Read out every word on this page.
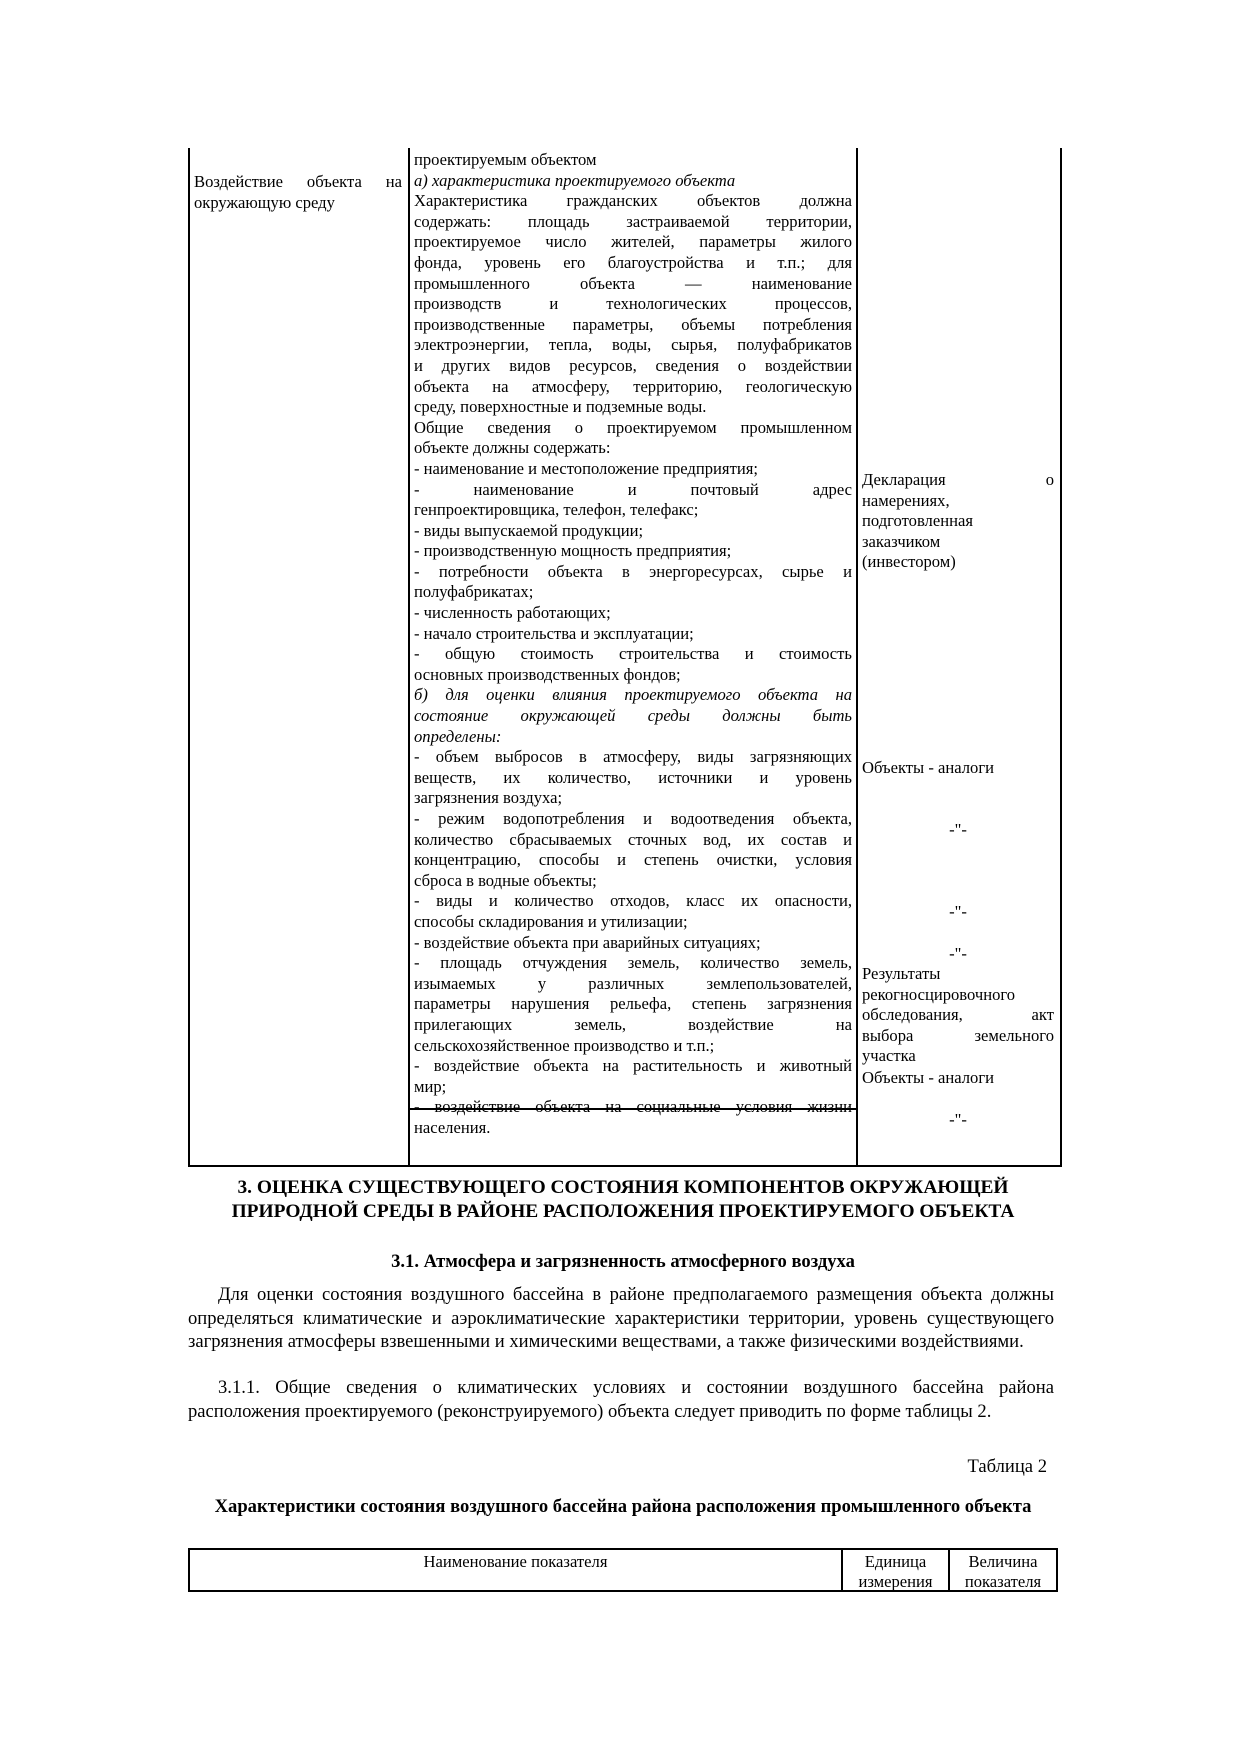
Воздействие объекта на окружающую среду

проектируемым объектом

а) характеристика проектируемого объекта

Характеристика гражданских объектов должна

содержать: площадь застраиваемой территории,

проектируемое число жителей, параметры жилого

фонда, уровень его благоустройства и т.п.; для

промышленного объекта — наименование

производств и технологических процессов,

производственные параметры, объемы потребления

электроэнергии, тепла, воды, сырья, полуфабрикатов

и других видов ресурсов, сведения о воздействии

объекта на атмосферу, территорию, геологическую

среду, поверхностные и подземные воды.

Общие сведения о проектируемом промышленном

объекте должны содержать:

- наименование и местоположение предприятия;

- наименование и почтовый адрес

генпроектировщика, телефон, телефакс;

- виды выпускаемой продукции;

- производственную мощность предприятия;

- потребности объекта в энергоресурсах, сырье и

полуфабрикатах;

- численность работающих;

- начало строительства и эксплуатации;

- общую стоимость строительства и стоимость

основных производственных фондов;

б) для оценки влияния проектируемого объекта на

состояние окружающей среды должны быть

определены:

- объем выбросов в атмосферу, виды загрязняющих

веществ, их количество, источники и уровень

загрязнения воздуха;

- режим водопотребления и водоотведения объекта,

количество сбрасываемых сточных вод, их состав и

концентрацию, способы и степень очистки, условия

сброса в водные объекты;

- виды и количество отходов, класс их опасности,

способы складирования и утилизации;

- воздействие объекта при аварийных ситуациях;

- площадь отчуждения земель, количество земель,

изымаемых у различных землепользователей,

параметры нарушения рельефа, степень загрязнения

прилегающих земель, воздействие на

сельскохозяйственное производство и т.п.;

- воздействие объекта на растительность и животный

мир;

- воздействие объекта на социальные условия жизни

населения.

Декларация о

намерениях,

подготовленная

заказчиком

(инвестором)

Объекты - аналоги
-"-
-"-
-"-

Результаты

рекогносцировочного

обследования, акт

выбора земельного

участка

Объекты - аналоги
-"-
3. ОЦЕНКА СУЩЕСТВУЮЩЕГО СОСТОЯНИЯ КОМПОНЕНТОВ ОКРУЖАЮЩЕЙ ПРИРОДНОЙ СРЕДЫ В РАЙОНЕ РАСПОЛОЖЕНИЯ ПРОЕКТИРУЕМОГО ОБЪЕКТА
3.1. Атмосфера и загрязненность атмосферного воздуха

Для оценки состояния воздушного бассейна в районе предполагаемого размещения объекта должны определяться климатические и аэроклиматические характеристики территории, уровень существующего загрязнения атмосферы взвешенными и химическими веществами, а также физическими воздействиями.

3.1.1. Общие сведения о климатических условиях и состоянии воздушного бассейна района расположения проектируемого (реконструируемого) объекта следует приводить по форме таблицы 2.

Таблица 2

Характеристики состояния воздушного бассейна района расположения промышленного объекта

Наименование показателя	Единица измерения
Величина показателя
